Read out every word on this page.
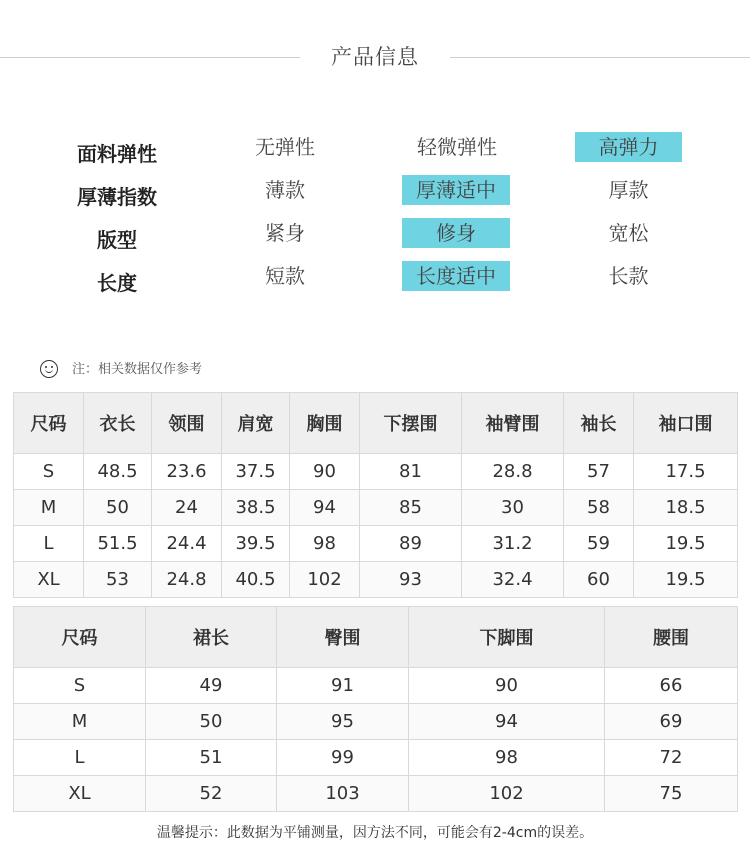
产品信息
面料弹性	无弹性	轻微弹性	高弹力
厚薄指数	薄款	厚薄适中	厚款
版型	紧身	修身	宽松
长度	短款	长度适中	长款
注：相关数据仅作参考
尺码	衣长	领围	肩宽	胸围	下摆围	袖臂围	袖长	袖口围
S	48.5	23.6	37.5	90	81	28.8	57	17.5
M	50	24	38.5	94	85	30	58	18.5
L	51.5	24.4	39.5	98	89	31.2	59	19.5
XL	53	24.8	40.5	102	93	32.4	60	19.5
尺码	裙长	臀围	下脚围	腰围
S	49	91	90	66
M	50	95	94	69
L	51	99	98	72
XL	52	103	102	75
温馨提示：此数据为平铺测量，因方法不同，可能会有2-4cm的误差。
